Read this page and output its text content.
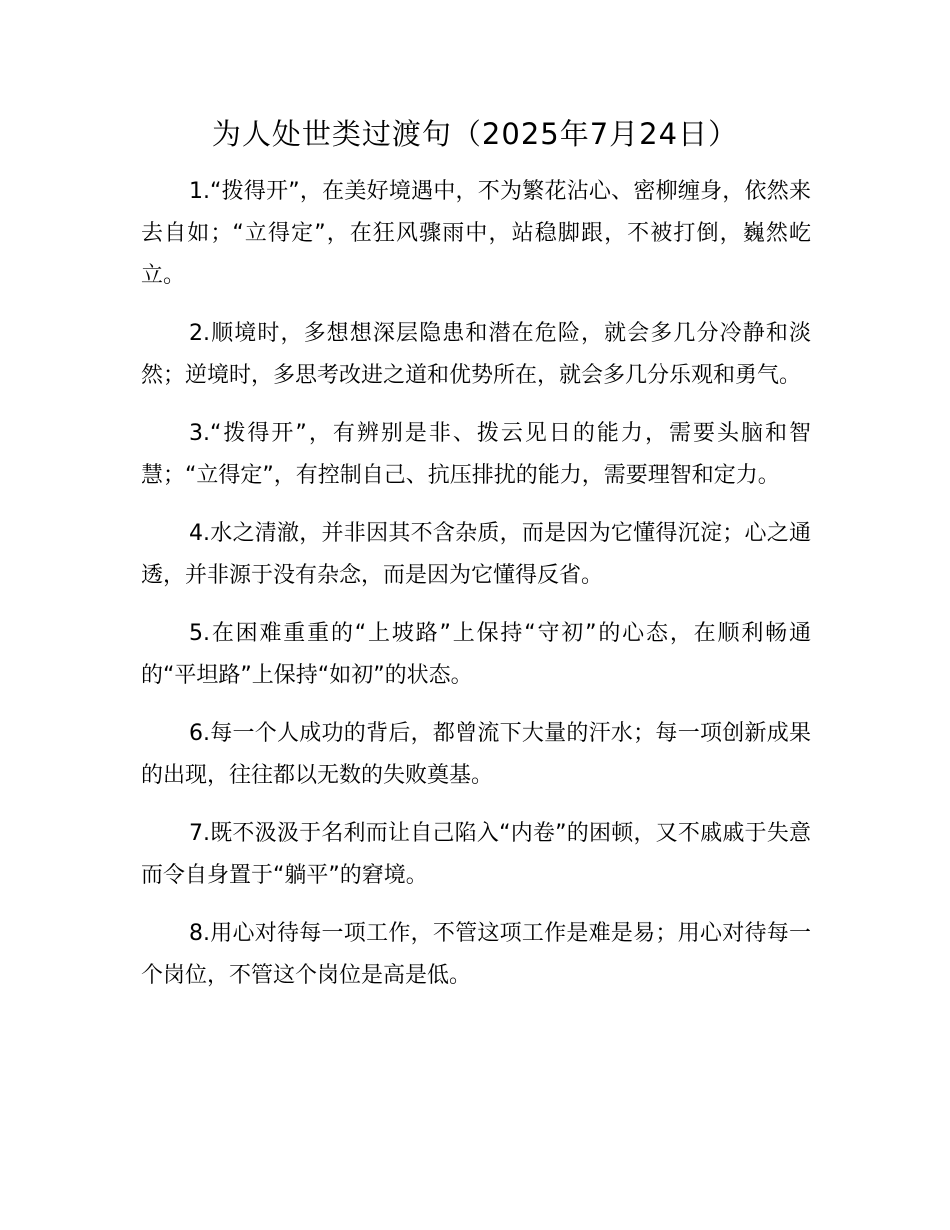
为人处世类过渡句（2025年7月24日）

1.“拨得开”，在美好境遇中，不为繁花沾心、密柳缠身，依然来去自如；“立得定”，在狂风骤雨中，站稳脚跟，不被打倒，巍然屹立。

2.顺境时，多想想深层隐患和潜在危险，就会多几分冷静和淡然；逆境时，多思考改进之道和优势所在，就会多几分乐观和勇气。

3.“拨得开”，有辨别是非、拨云见日的能力，需要头脑和智慧；“立得定”，有控制自己、抗压排扰的能力，需要理智和定力。

4.水之清澈，并非因其不含杂质，而是因为它懂得沉淀；心之通透，并非源于没有杂念，而是因为它懂得反省。

5.在困难重重的“上坡路”上保持“守初”的心态，在顺利畅通的“平坦路”上保持“如初”的状态。

6.每一个人成功的背后，都曾流下大量的汗水；每一项创新成果的出现，往往都以无数的失败奠基。

7.既不汲汲于名利而让自己陷入“内卷”的困顿，又不戚戚于失意而令自身置于“躺平”的窘境。

8.用心对待每一项工作，不管这项工作是难是易；用心对待每一个岗位，不管这个岗位是高是低。
